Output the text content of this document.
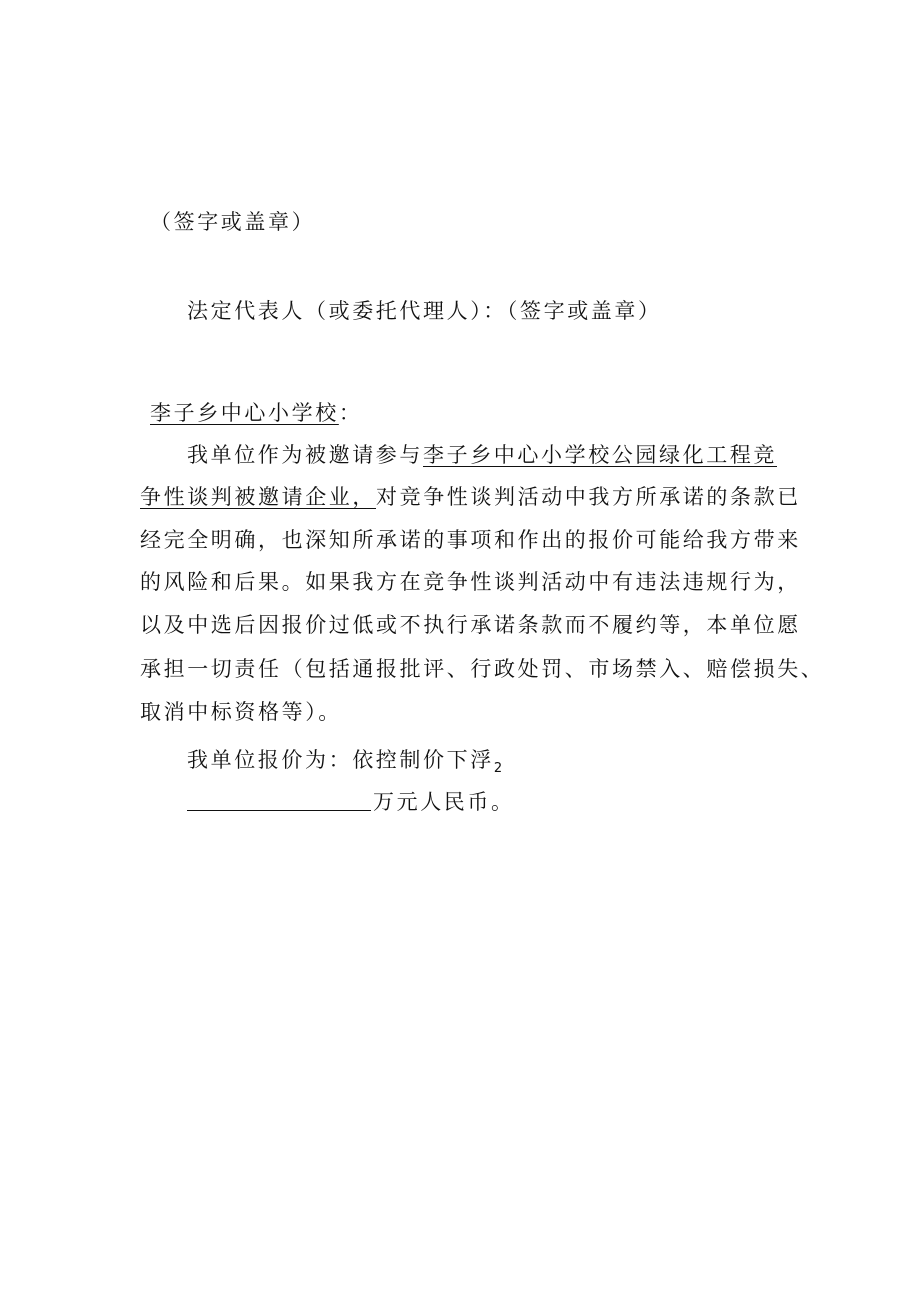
（签字或盖章）
法定代表人（或委托代理人）：（签字或盖章）
李子乡中心小学校：
我单位作为被邀请参与李子乡中心小学校公园绿化工程竞
争性谈判被邀请企业，对竞争性谈判活动中我方所承诺的条款已
经完全明确，也深知所承诺的事项和作出的报价可能给我方带来
的风险和后果。如果我方在竞争性谈判活动中有违法违规行为，
以及中选后因报价过低或不执行承诺条款而不履约等，本单位愿
承担一切责任（包括通报批评、行政处罚、市场禁入、赔偿损失、
取消中标资格等）。
我单位报价为：依控制价下浮$_2$
万元人民币。
